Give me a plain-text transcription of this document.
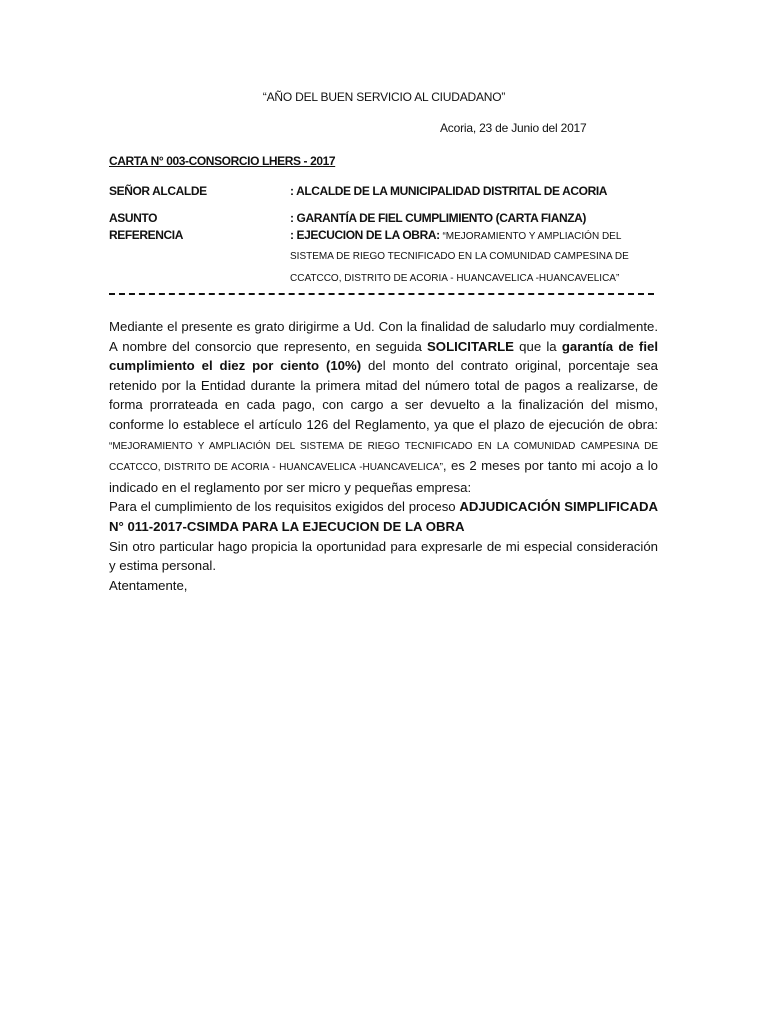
“AÑO DEL BUEN SERVICIO AL CIUDADANO”
Acoria, 23 de Junio del 2017
CARTA N° 003-CONSORCIO LHERS - 2017
SEÑOR ALCALDE	: ALCALDE DE LA MUNICIPALIDAD DISTRITAL DE ACORIA
ASUNTO	: GARANTÍA DE FIEL CUMPLIMIENTO (CARTA FIANZA)
REFERENCIA	: EJECUCION DE LA OBRA: “MEJORAMIENTO Y AMPLIACIÓN DEL
SISTEMA DE RIEGO TECNIFICADO EN LA COMUNIDAD CAMPESINA DE
CCATCCO, DISTRITO DE ACORIA - HUANCAVELICA -HUANCAVELICA”

Mediante el presente es grato dirigirme a Ud. Con la finalidad de saludarlo muy cordialmente. A nombre del consorcio que represento, en seguida SOLICITARLE que la garantía de fiel cumplimiento el diez por ciento (10%) del monto del contrato original, porcentaje sea retenido por la Entidad durante la primera mitad del número total de pagos a realizarse, de forma prorrateada en cada pago, con cargo a ser devuelto a la finalización del mismo, conforme lo establece el artículo 126 del Reglamento, ya que el plazo de ejecución de obra: “MEJORAMIENTO Y AMPLIACIÓN DEL SISTEMA DE RIEGO TECNIFICADO EN LA COMUNIDAD CAMPESINA DE CCATCCO, DISTRITO DE ACORIA - HUANCAVELICA -HUANCAVELICA”, es 2 meses por tanto mi acojo a lo indicado en el reglamento por ser micro y pequeñas empresa:

Para el cumplimiento de los requisitos exigidos del proceso ADJUDICACIÓN SIMPLIFICADA N° 011-2017-CSIMDA PARA LA EJECUCION DE LA OBRA

Sin otro particular hago propicia la oportunidad para expresarle de mi especial consideración y estima personal.

Atentamente,
